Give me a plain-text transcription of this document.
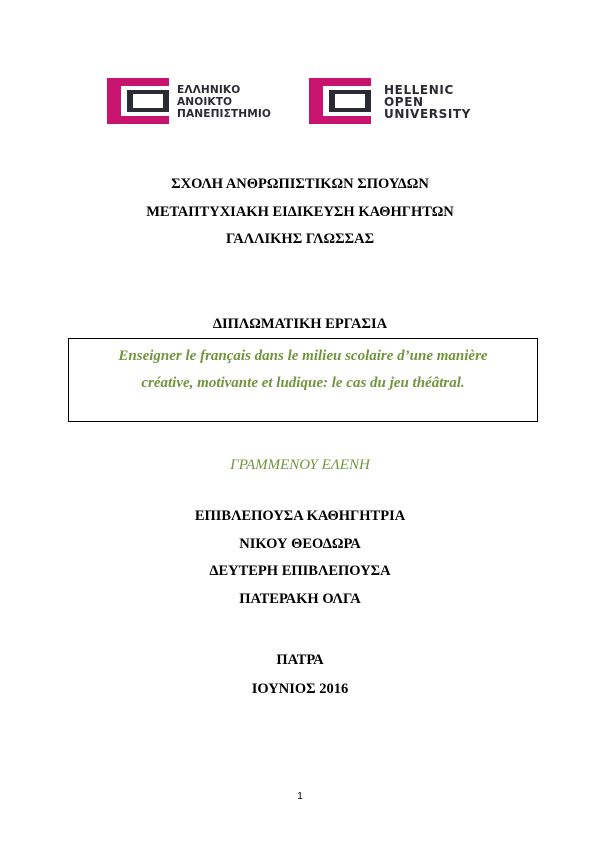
ΕΛΛΗΝΙΚΟ
ΑΝΟΙΚΤΟ
ΠΑΝΕΠΙΣΤΗΜΙΟ
HELLENIC
OPEN
UNIVERSITY
ΣΧΟΛΗ ΑΝΘΡΩΠΙΣΤΙΚΩΝ ΣΠΟΥΔΩΝ
ΜΕΤΑΠΤΥΧΙΑΚΗ ΕΙΔΙΚΕΥΣΗ ΚΑΘΗΓΗΤΩΝ
ΓΑΛΛΙΚΗΣ ΓΛΩΣΣΑΣ
ΔΙΠΛΩΜΑΤΙΚΗ ΕΡΓΑΣΙΑ
Enseigner le français dans le milieu scolaire d’une manière
créative, motivante et ludique: le cas du jeu théâtral.
ΓΡΑΜΜΕΝΟΥ ΕΛΕΝΗ
ΕΠΙΒΛΕΠΟΥΣΑ ΚΑΘΗΓΗΤΡΙΑ
ΝΙΚΟΥ ΘΕΟΔΩΡΑ
ΔΕΥΤΕΡΗ ΕΠΙΒΛΕΠΟΥΣΑ
ΠΑΤΕΡΑΚΗ ΟΛΓΑ
ΠΑΤΡΑ
ΙΟΥΝΙΟΣ 2016
1
